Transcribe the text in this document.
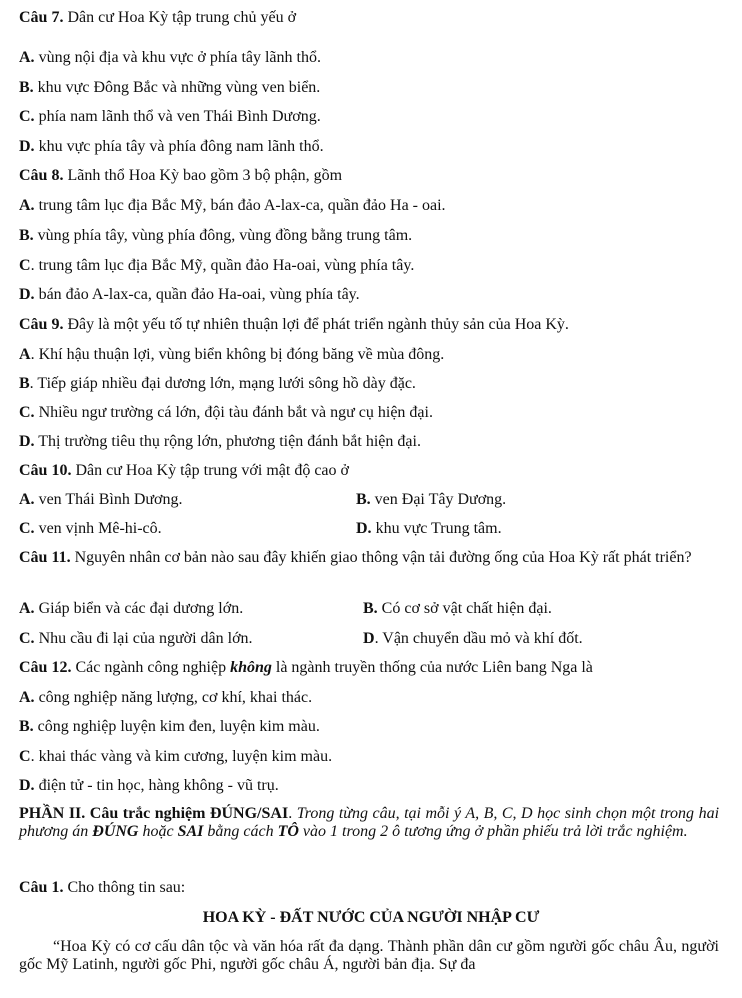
Câu 7. Dân cư Hoa Kỳ tập trung chủ yếu ở
A. vùng nội địa và khu vực ở phía tây lãnh thổ.
B. khu vực Đông Bắc và những vùng ven biển.
C. phía nam lãnh thổ và ven Thái Bình Dương.
D. khu vực phía tây và phía đông nam lãnh thổ.
Câu 8. Lãnh thổ Hoa Kỳ bao gồm 3 bộ phận, gồm
A. trung tâm lục địa Bắc Mỹ, bán đảo A-lax-ca, quần đảo Ha - oai.
B. vùng phía tây, vùng phía đông, vùng đồng bằng trung tâm.
C. trung tâm lục địa Bắc Mỹ, quần đảo Ha-oai, vùng phía tây.
D. bán đảo A-lax-ca, quần đảo Ha-oai, vùng phía tây.
Câu 9. Đây là một yếu tố tự nhiên thuận lợi để phát triển ngành thủy sản của Hoa Kỳ.
A. Khí hậu thuận lợi, vùng biển không bị đóng băng về mùa đông.
B. Tiếp giáp nhiều đại dương lớn, mạng lưới sông hồ dày đặc.
C. Nhiều ngư trường cá lớn, đội tàu đánh bắt và ngư cụ hiện đại.
D. Thị trường tiêu thụ rộng lớn, phương tiện đánh bắt hiện đại.
Câu 10. Dân cư Hoa Kỳ tập trung với mật độ cao ở
A. ven Thái Bình Dương.	B. ven Đại Tây Dương.
C. ven vịnh Mê-hi-cô.	D. khu vực Trung tâm.
Câu 11. Nguyên nhân cơ bản nào sau đây khiến giao thông vận tải đường ống của Hoa Kỳ rất phát triển?
A. Giáp biển và các đại dương lớn.	B. Có cơ sở vật chất hiện đại.
C. Nhu cầu đi lại của người dân lớn.	D. Vận chuyển dầu mỏ và khí đốt.
Câu 12. Các ngành công nghiệp không là ngành truyền thống của nước Liên bang Nga là
A. công nghiệp năng lượng, cơ khí, khai thác.
B. công nghiệp luyện kim đen, luyện kim màu.
C. khai thác vàng và kim cương, luyện kim màu.
D. điện tử - tin học, hàng không - vũ trụ.
PHẦN II. Câu trắc nghiệm ĐÚNG/SAI. Trong từng câu, tại mỗi ý A, B, C, D học sinh chọn một trong hai phương án ĐÚNG hoặc SAI bằng cách TÔ vào 1 trong 2 ô tương ứng ở phần phiếu trả lời trắc nghiệm.
Câu 1. Cho thông tin sau:
HOA KỲ - ĐẤT NƯỚC CỦA NGƯỜI NHẬP CƯ
“Hoa Kỳ có cơ cấu dân tộc và văn hóa rất đa dạng. Thành phần dân cư gồm người gốc châu Âu, người gốc Mỹ Latinh, người gốc Phi, người gốc châu Á, người bản địa. Sự đa
